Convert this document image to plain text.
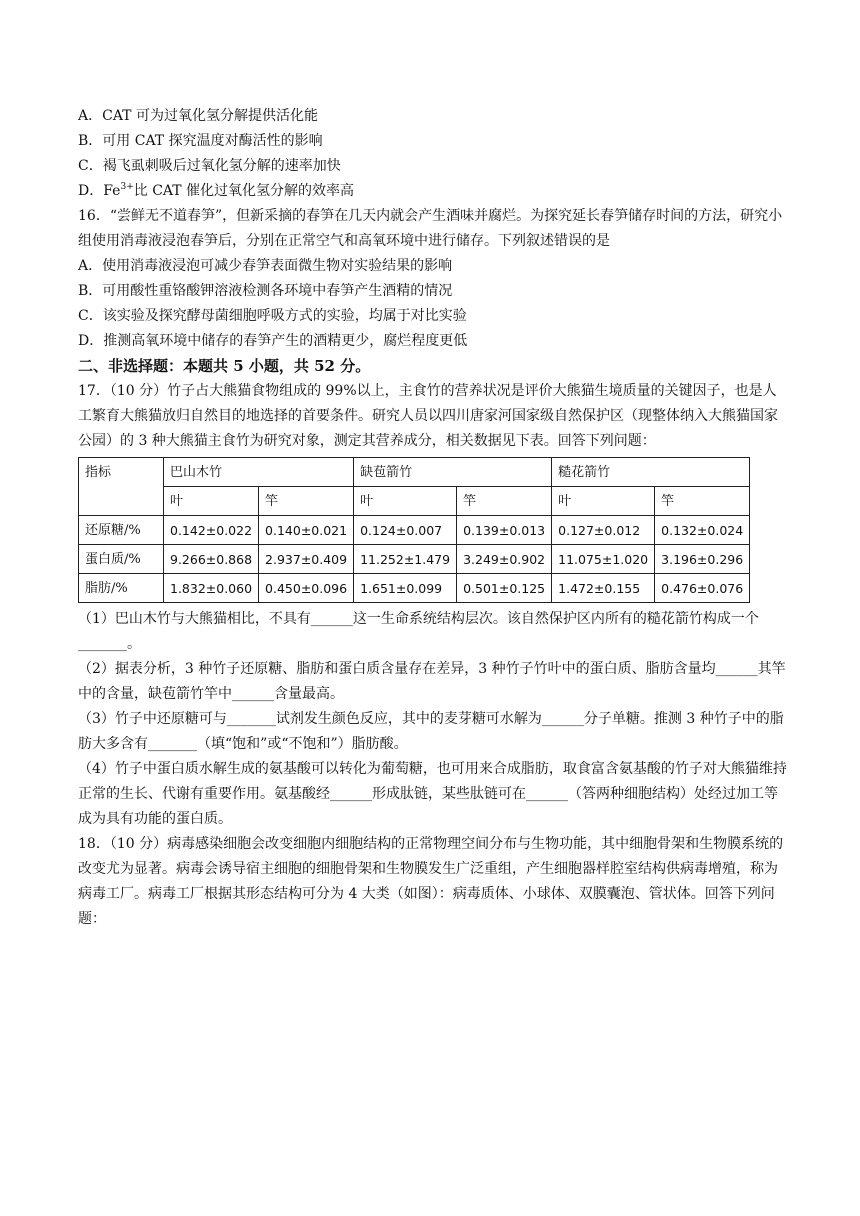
A．CAT 可为过氧化氢分解提供活化能

B．可用 CAT 探究温度对酶活性的影响

C．褐飞虱刺吸后过氧化氢分解的速率加快

D．$Fe^{3+}$比 CAT 催化过氧化氢分解的效率高

16．“尝鲜无不道春笋”，但新采摘的春笋在几天内就会产生酒味并腐烂。为探究延长春笋储存时间的方法，研究小组使用消毒液浸泡春笋后，分别在正常空气和高氧环境中进行储存。下列叙述错误的是

A．使用消毒液浸泡可减少春笋表面微生物对实验结果的影响

B．可用酸性重铬酸钾溶液检测各环境中春笋产生酒精的情况

C．该实验及探究酵母菌细胞呼吸方式的实验，均属于对比实验

D．推测高氧环境中储存的春笋产生的酒精更少，腐烂程度更低

二、非选择题：本题共 5 小题，共 52 分。

17．（10 分）竹子占大熊猫食物组成的 99%以上，主食竹的营养状况是评价大熊猫生境质量的关键因子，也是人工繁育大熊猫放归自然目的地选择的首要条件。研究人员以四川唐家河国家级自然保护区（现整体纳入大熊猫国家公园）的 3 种大熊猫主食竹为研究对象，测定其营养成分，相关数据见下表。回答下列问题：

指标	巴山木竹		缺苞箭竹		糙花箭竹	
	叶	竿	叶	竿	叶	竿
还原糖/%	0.142±0.022	0.140±0.021	0.124±0.007	0.139±0.013	0.127±0.012	0.132±0.024
蛋白质/%	9.266±0.868	2.937±0.409	11.252±1.479	3.249±0.902	11.075±1.020	3.196±0.296
脂肪/%	1.832±0.060	0.450±0.096	1.651±0.099	0.501±0.125	1.472±0.155	0.476±0.076

（1）巴山木竹与大熊猫相比，不具有______这一生命系统结构层次。该自然保护区内所有的糙花箭竹构成一个_______。

（2）据表分析，3 种竹子还原糖、脂肪和蛋白质含量存在差异，3 种竹子竹叶中的蛋白质、脂肪含量均______其竿中的含量，缺苞箭竹竿中______含量最高。

（3）竹子中还原糖可与_______试剂发生颜色反应，其中的麦芽糖可水解为______分子单糖。推测 3 种竹子中的脂肪大多含有_______（填“饱和”或“不饱和”）脂肪酸。

（4）竹子中蛋白质水解生成的氨基酸可以转化为葡萄糖，也可用来合成脂肪，取食富含氨基酸的竹子对大熊猫维持正常的生长、代谢有重要作用。氨基酸经______形成肽链，某些肽链可在______（答两种细胞结构）处经过加工等成为具有功能的蛋白质。

18．（10 分）病毒感染细胞会改变细胞内细胞结构的正常物理空间分布与生物功能，其中细胞骨架和生物膜系统的改变尤为显著。病毒会诱导宿主细胞的细胞骨架和生物膜发生广泛重组，产生细胞器样腔室结构供病毒增殖，称为病毒工厂。病毒工厂根据其形态结构可分为 4 大类（如图）：病毒质体、小球体、双膜囊泡、管状体。回答下列问题：
